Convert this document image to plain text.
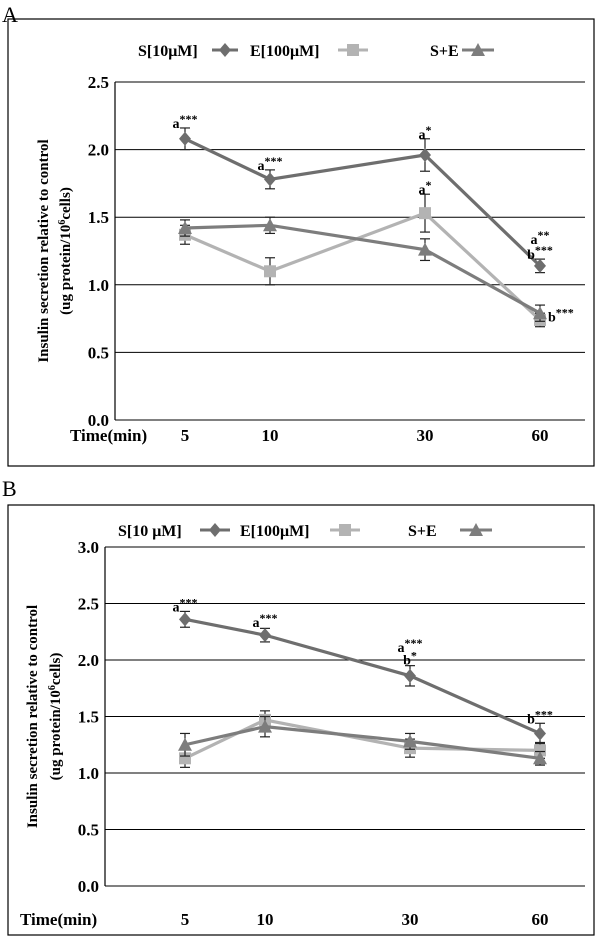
A
0.0
0.5
1.0
1.5
2.0
2.5
5	10	30	60
Time(min)
Insulin secretion relative to control (ug protein/$10^6cells$)
S[10μM]	E[100μM]	S+E
a***
a***
a*
a*
a**
b***
b***
B
0.0
0.5
1.0
1.5
2.0
2.5
3.0
5	10	30	60
Time(min)
Insulin secretion relative to control (ug protein/$10^6cells$)
S[10 μM]	E[100μM]	S+E
a***
a***
a***
b*
b***
